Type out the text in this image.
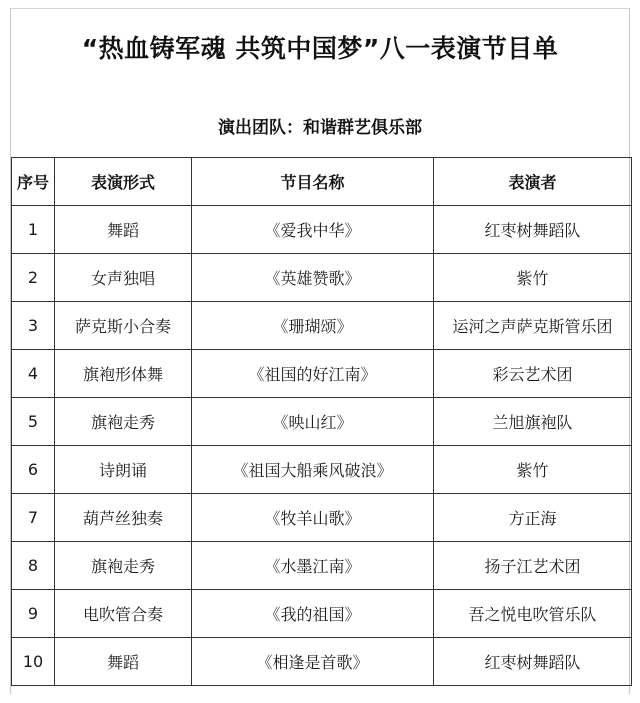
“热血铸军魂 共筑中国梦”八一表演节目单
演出团队：和谐群艺俱乐部
序号	表演形式	节目名称	表演者
1	舞蹈	《爱我中华》	红枣树舞蹈队
2	女声独唱	《英雄赞歌》	紫竹
3	萨克斯小合奏	《珊瑚颂》	运河之声萨克斯管乐团
4	旗袍形体舞	《祖国的好江南》	彩云艺术团
5	旗袍走秀	《映山红》	兰旭旗袍队
6	诗朗诵	《祖国大船乘风破浪》	紫竹
7	葫芦丝独奏	《牧羊山歌》	方正海
8	旗袍走秀	《水墨江南》	扬子江艺术团
9	电吹管合奏	《我的祖国》	吾之悦电吹管乐队
10	舞蹈	《相逢是首歌》	红枣树舞蹈队
